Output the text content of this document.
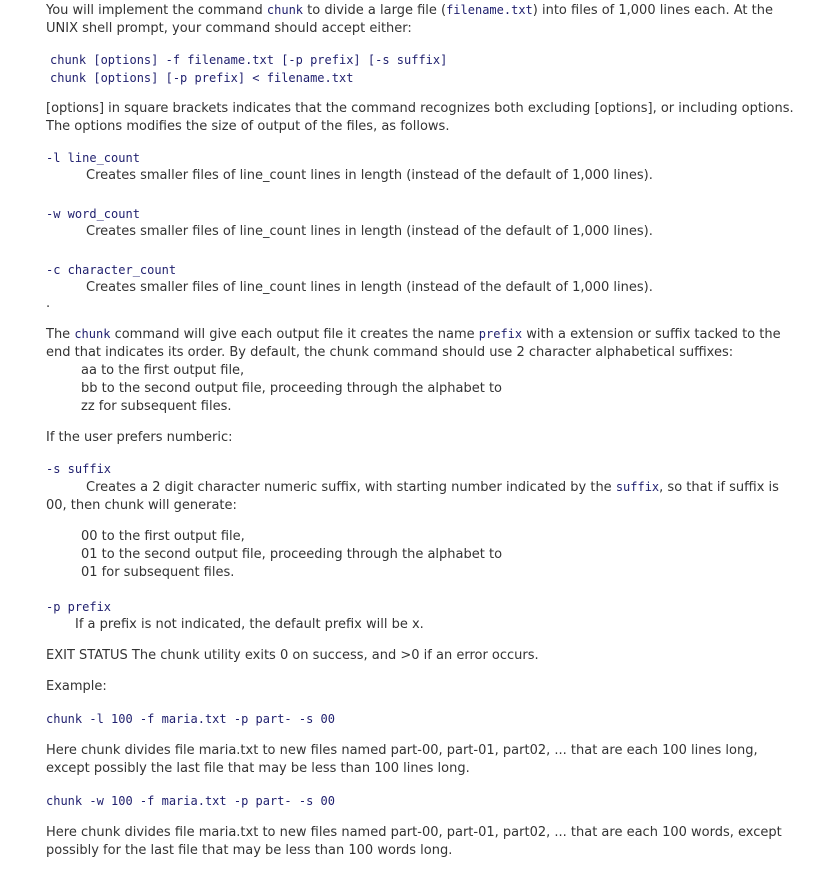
You will implement the command chunk to divide a large file (filename.txt) into files of 1,000 lines each. At the
UNIX shell prompt, your command should accept either:

chunk [options] -f filename.txt [-p prefix] [-s suffix]
chunk [options] [-p prefix] < filename.txt

[options] in square brackets indicates that the command recognizes both excluding [options], or including options.
The options modifies the size of output of the files, as follows.

-l line_count

Creates smaller files of line_count lines in length (instead of the default of 1,000 lines).

-w word_count

Creates smaller files of line_count lines in length (instead of the default of 1,000 lines).

-c character_count

Creates smaller files of line_count lines in length (instead of the default of 1,000 lines).

.

The chunk command will give each output file it creates the name prefix with a extension or suffix tacked to the
end that indicates its order. By default, the chunk command should use 2 character alphabetical suffixes:

aa to the first output file,

bb to the second output file, proceeding through the alphabet to

zz for subsequent files.

If the user prefers numberic:

-s suffix

Creates a 2 digit character numeric suffix, with starting number indicated by the suffix, so that if suffix is
00, then chunk will generate:

00 to the first output file,

01 to the second output file, proceeding through the alphabet to

01 for subsequent files.

-p prefix

If a prefix is not indicated, the default prefix will be x.

EXIT STATUS The chunk utility exits 0 on success, and >0 if an error occurs.

Example:

chunk -l 100 -f maria.txt -p part- -s 00

Here chunk divides file maria.txt to new files named part-00, part-01, part02, ... that are each 100 lines long,
except possibly the last file that may be less than 100 lines long.

chunk -w 100 -f maria.txt -p part- -s 00

Here chunk divides file maria.txt to new files named part-00, part-01, part02, ... that are each 100 words, except
possibly for the last file that may be less than 100 words long.
